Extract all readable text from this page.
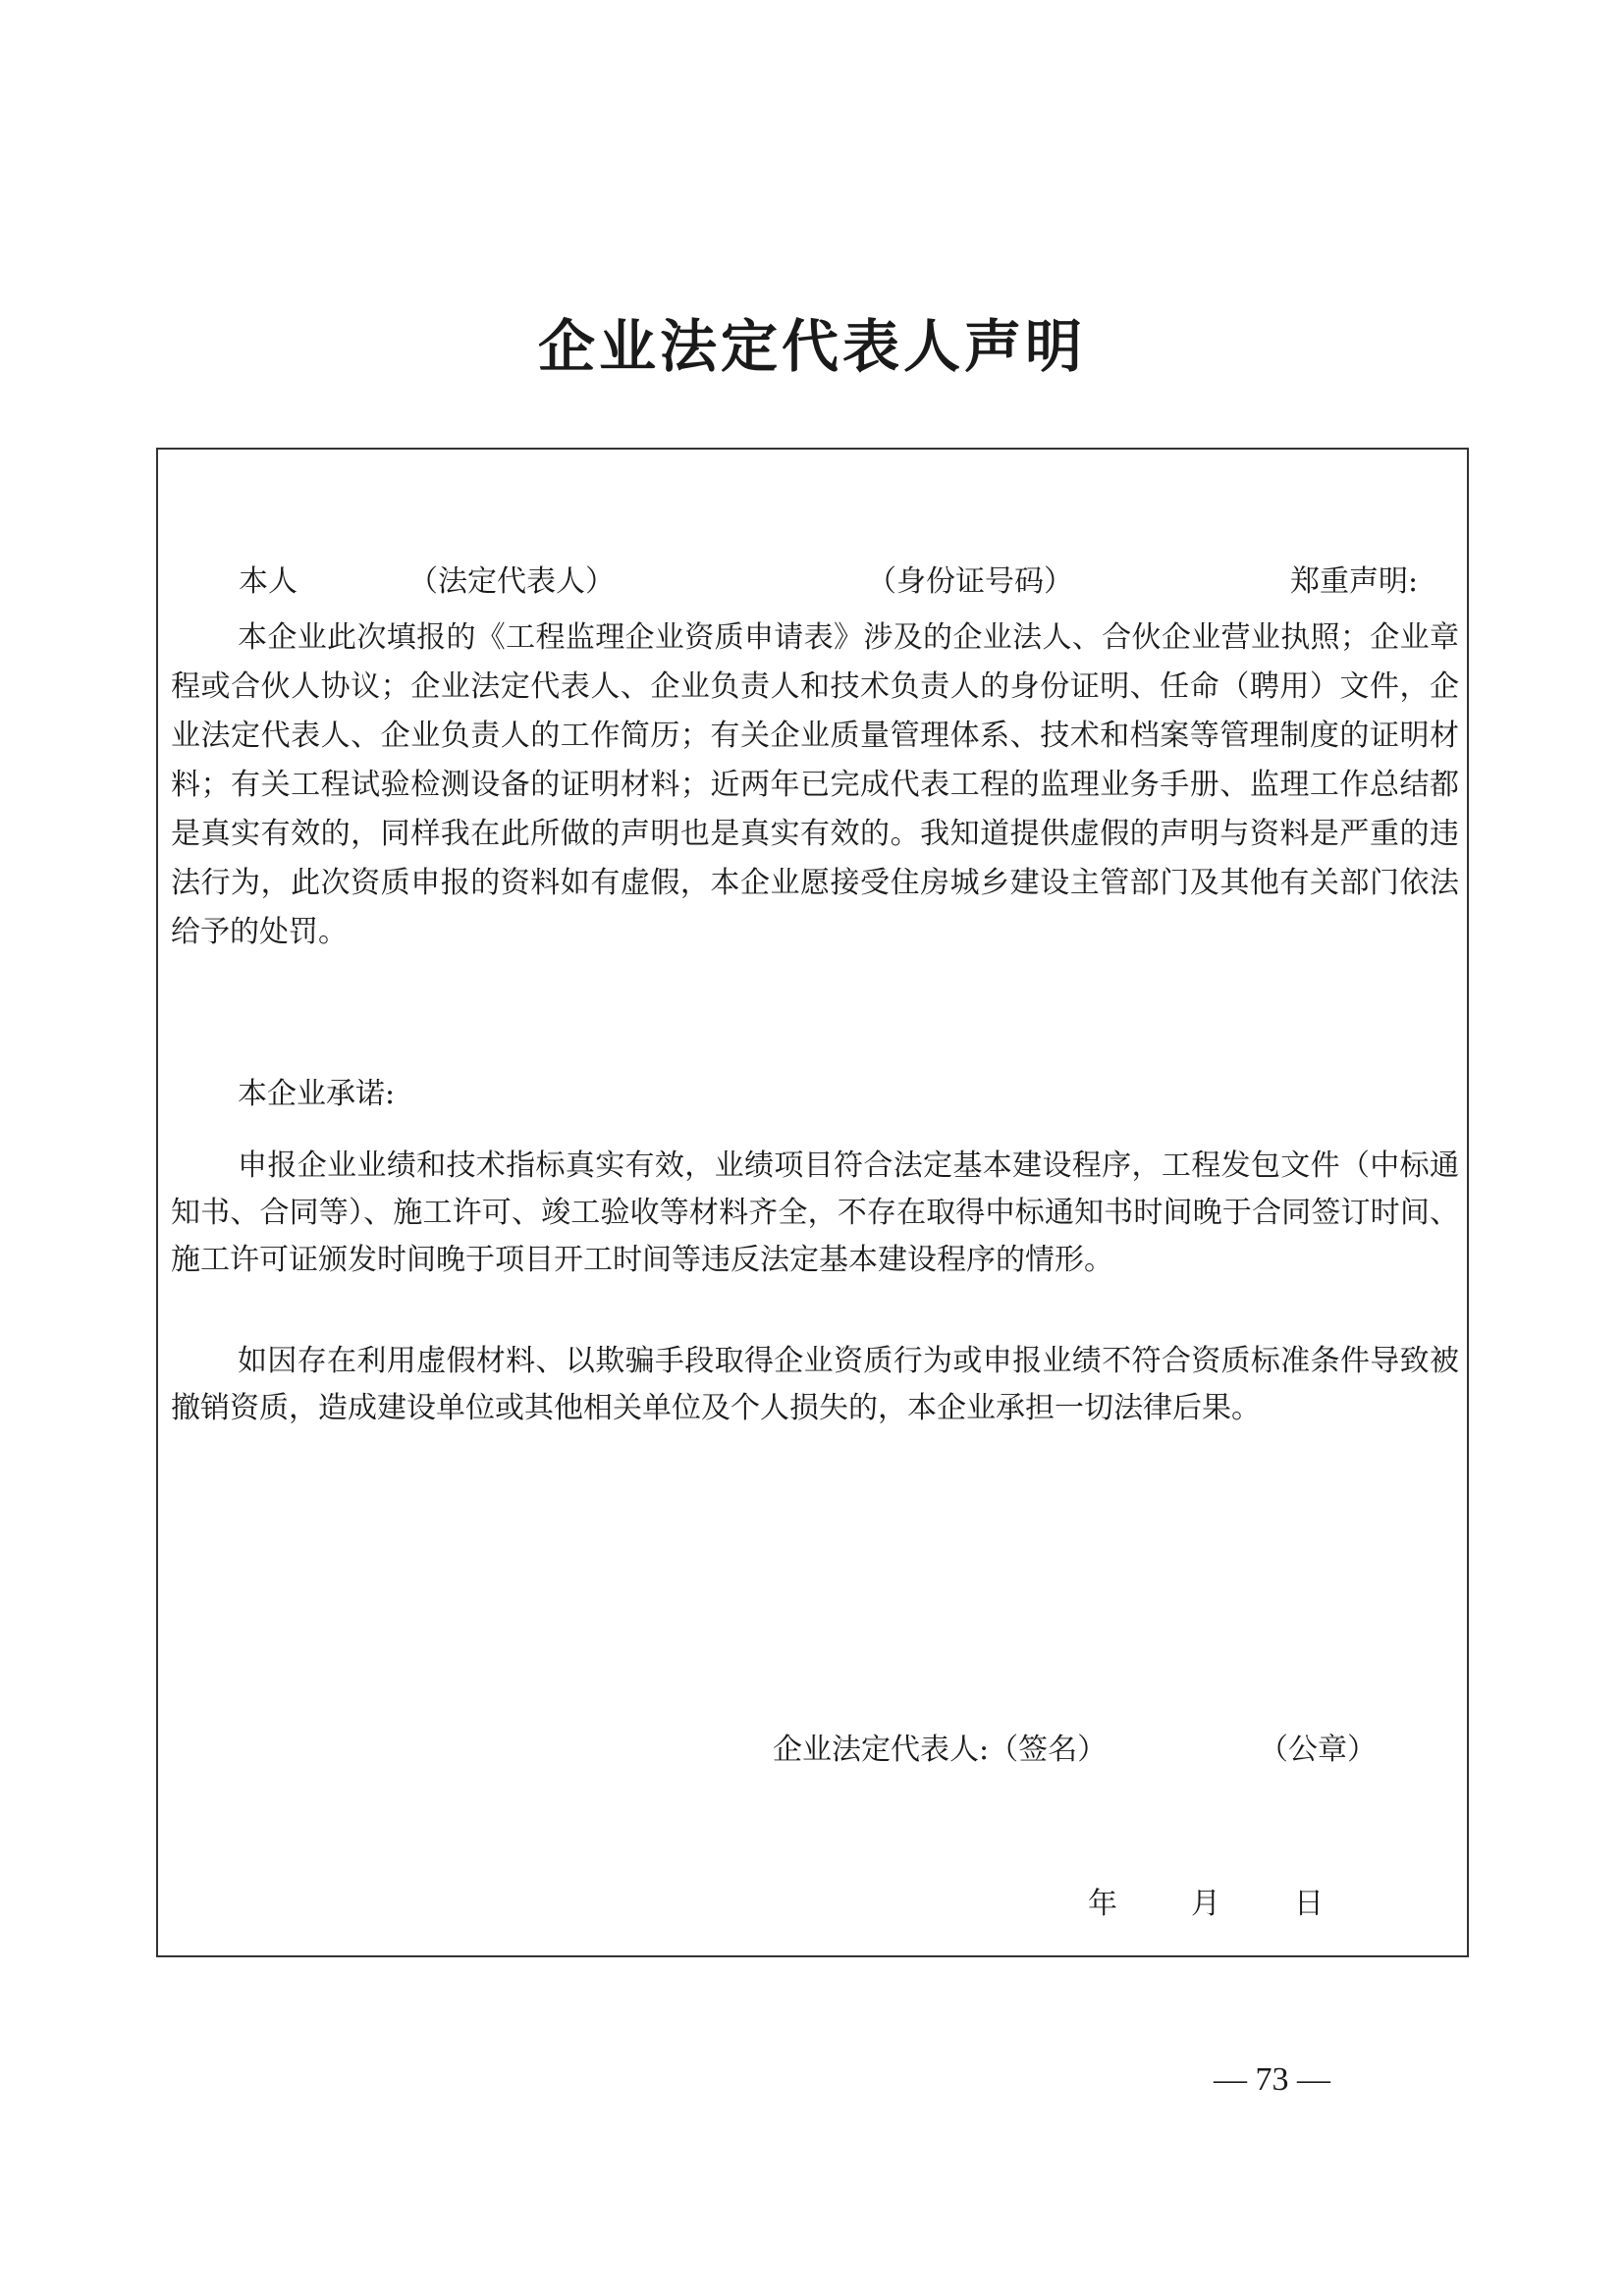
企业法定代表人声明
本人	（法定代表人）	（身份证号码）	郑重声明:

本企业此次填报的《工程监理企业资质申请表》涉及的企业法人、合伙企业营业执照；企业章程或合伙人协议；企业法定代表人、企业负责人和技术负责人的身份证明、任命（聘用）文件，企业法定代表人、企业负责人的工作简历；有关企业质量管理体系、技术和档案等管理制度的证明材料；有关工程试验检测设备的证明材料；近两年已完成代表工程的监理业务手册、监理工作总结都是真实有效的，同样我在此所做的声明也是真实有效的。我知道提供虚假的声明与资料是严重的违法行为，此次资质申报的资料如有虚假，本企业愿接受住房城乡建设主管部门及其他有关部门依法给予的处罚。

本企业承诺:

申报企业业绩和技术指标真实有效，业绩项目符合法定基本建设程序，工程发包文件（中标通知书、合同等）、施工许可、竣工验收等材料齐全，不存在取得中标通知书时间晚于合同签订时间、施工许可证颁发时间晚于项目开工时间等违反法定基本建设程序的情形。

如因存在利用虚假材料、以欺骗手段取得企业资质行为或申报业绩不符合资质标准条件导致被撤销资质，造成建设单位或其他相关单位及个人损失的，本企业承担一切法律后果。

企业法定代表人:（签名）	（公章）
年	月	日
— 73 —
